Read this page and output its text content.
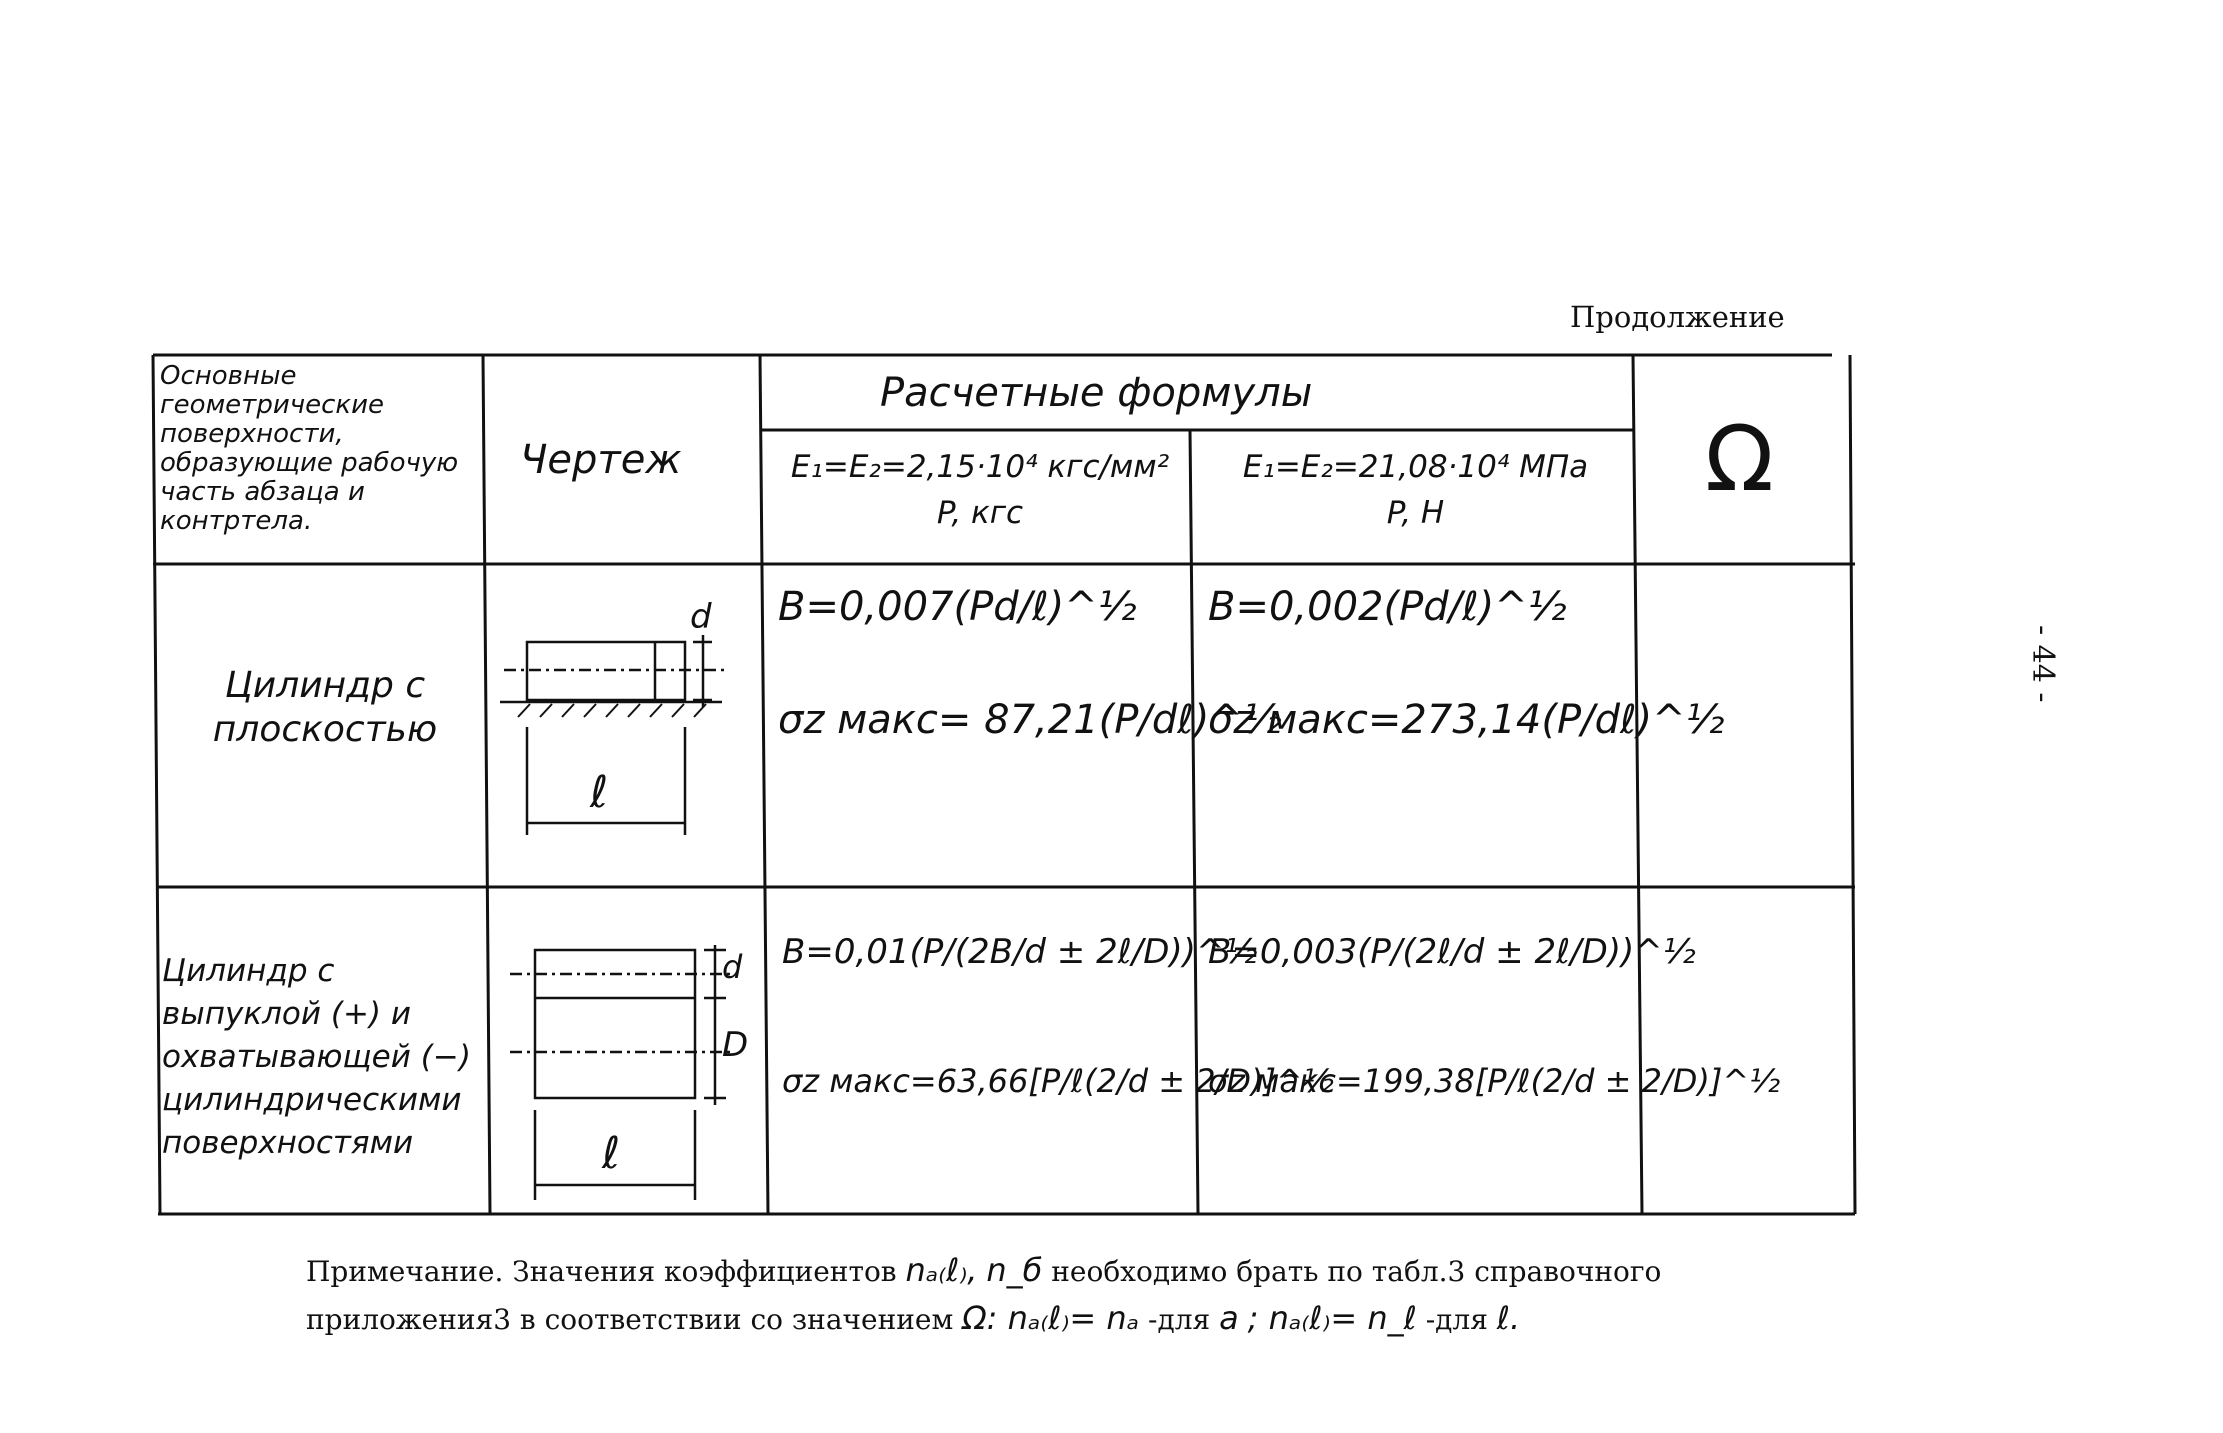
Продолжение
- 44 -
Основные геометрические поверхности, образующие рабочую часть абзаца и контртела.
Чертеж
Расчетные формулы
E₁=E₂=2,15·10⁴ кгс/мм²
P, кгс
E₁=E₂=21,08·10⁴ МПа
P, Н
Ω
Цилиндр с плоскостью
d
ℓ
B=0,007(Pd/ℓ)^½
σz макс= 87,21(P/dℓ)^½
B=0,002(Pd/ℓ)^½
σz макс=273,14(P/dℓ)^½
Цилиндр с выпуклой (+) и охватывающей (−) цилиндрическими поверхностями
d
D
ℓ
B=0,01(P/(2B/d ± 2ℓ/D))^½
σz макс=63,66[P/ℓ(2/d ± 2/D)]^½
B=0,003(P/(2ℓ/d ± 2ℓ/D))^½
σz макс=199,38[P/ℓ(2/d ± 2/D)]^½
Примечание. Значения коэффициентов nₐ₍ℓ₎, n_б необходимо брать по табл.3 справочного
приложения3 в соответствии со значением Ω: nₐ₍ℓ₎= nₐ -для a ; nₐ₍ℓ₎= n_ℓ -для ℓ.
